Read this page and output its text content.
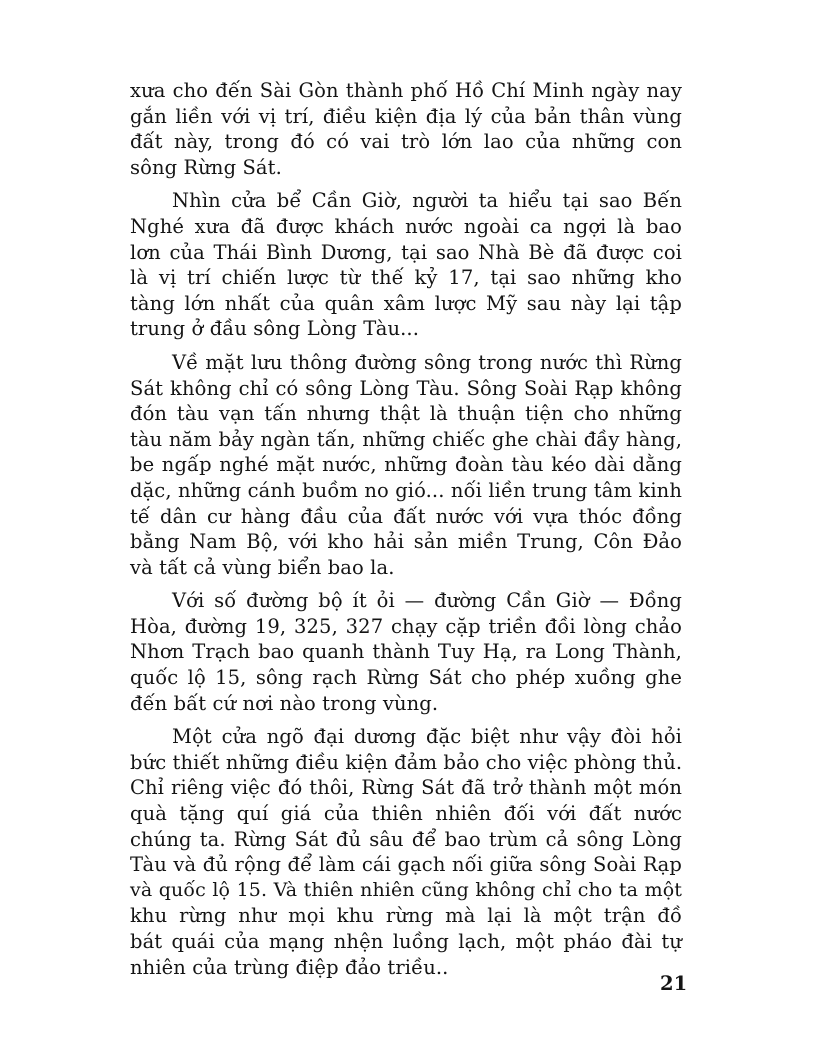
xưa cho đến Sài Gòn thành phố Hồ Chí Minh ngày nay
gắn liền với vị trí, điều kiện địa lý của bản thân vùng
đất này, trong đó có vai trò lớn lao của những con
sông Rừng Sát.
Nhìn cửa bể Cần Giờ, người ta hiểu tại sao Bến
Nghé xưa đã được khách nước ngoài ca ngợi là bao
lơn của Thái Bình Dương, tại sao Nhà Bè đã được coi
là vị trí chiến lược từ thế kỷ 17, tại sao những kho
tàng lớn nhất của quân xâm lược Mỹ sau này lại tập
trung ở đầu sông Lòng Tàu...
Về mặt lưu thông đường sông trong nước thì Rừng
Sát không chỉ có sông Lòng Tàu. Sông Soài Rạp không
đón tàu vạn tấn nhưng thật là thuận tiện cho những
tàu năm bảy ngàn tấn, những chiếc ghe chài đầy hàng,
be ngấp nghé mặt nước, những đoàn tàu kéo dài dằng
dặc, những cánh buồm no gió... nối liền trung tâm kinh
tế dân cư hàng đầu của đất nước với vựa thóc đồng
bằng Nam Bộ, với kho hải sản miền Trung, Côn Đảo
và tất cả vùng biển bao la.
Với số đường bộ ít ỏi — đường Cần Giờ — Đồng
Hòa, đường 19, 325, 327 chạy cặp triền đồi lòng chảo
Nhơn Trạch bao quanh thành Tuy Hạ, ra Long Thành,
quốc lộ 15, sông rạch Rừng Sát cho phép xuồng ghe
đến bất cứ nơi nào trong vùng.
Một cửa ngõ đại dương đặc biệt như vậy đòi hỏi
bức thiết những điều kiện đảm bảo cho việc phòng thủ.
Chỉ riêng việc đó thôi, Rừng Sát đã trở thành một món
quà tặng quí giá của thiên nhiên đối với đất nước
chúng ta. Rừng Sát đủ sâu để bao trùm cả sông Lòng
Tàu và đủ rộng để làm cái gạch nối giữa sông Soài Rạp
và quốc lộ 15. Và thiên nhiên cũng không chỉ cho ta một
khu rừng như mọi khu rừng mà lại là một trận đồ
bát quái của mạng nhện luồng lạch, một pháo đài tự
nhiên của trùng điệp đảo triều..
21
